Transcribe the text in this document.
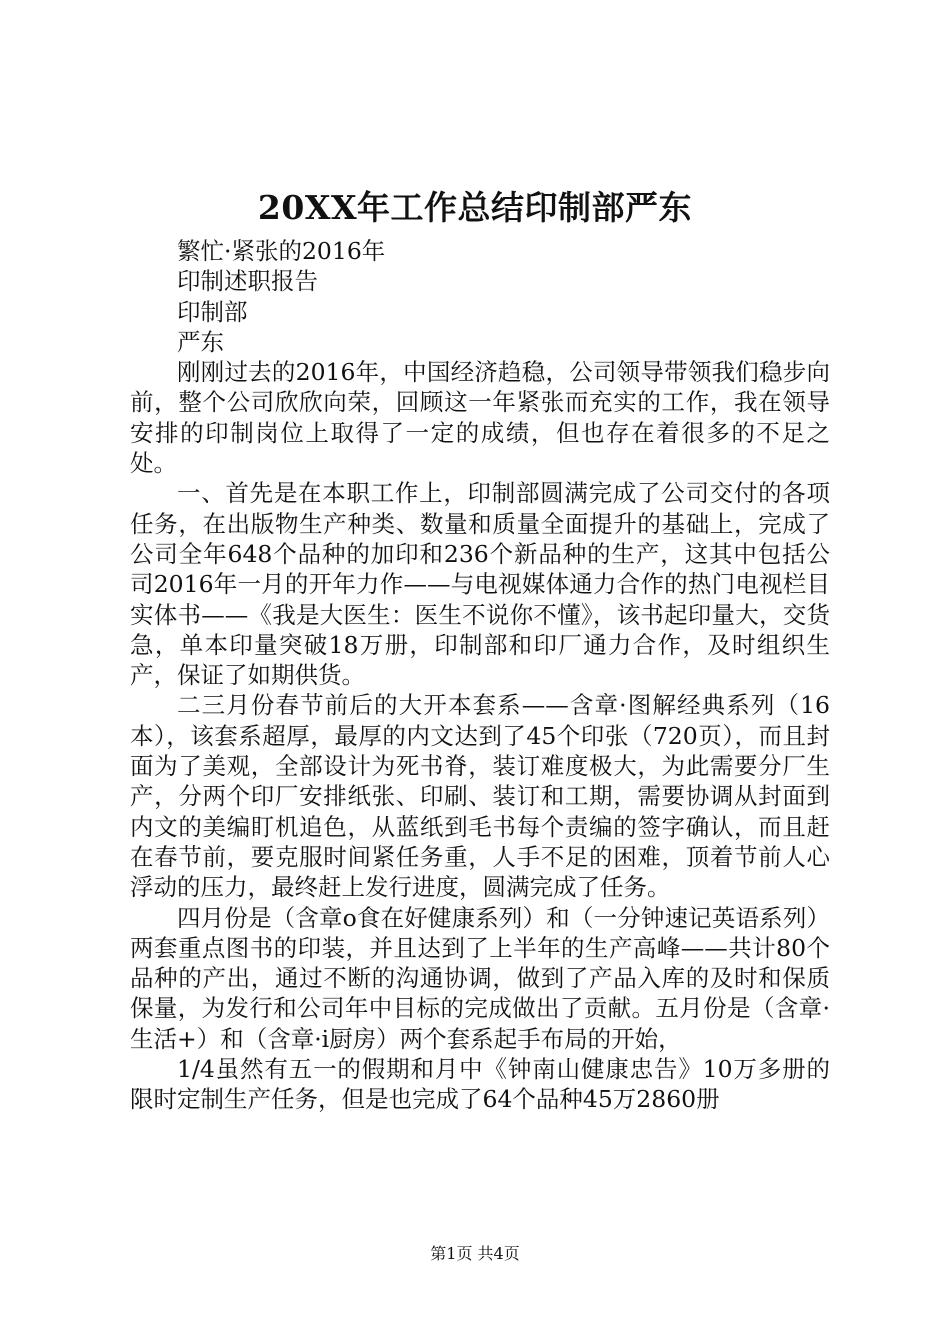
20XX年工作总结印制部严东

繁忙·紧张的2016年

印制述职报告

印制部

严东

刚刚过去的2016年，中国经济趋稳，公司领导带领我们稳步向前，整个公司欣欣向荣，回顾这一年紧张而充实的工作，我在领导安排的印制岗位上取得了一定的成绩，但也存在着很多的不足之处。

一、首先是在本职工作上，印制部圆满完成了公司交付的各项任务，在出版物生产种类、数量和质量全面提升的基础上，完成了公司全年648个品种的加印和236个新品种的生产，这其中包括公司2016年一月的开年力作——与电视媒体通力合作的热门电视栏目实体书——《我是大医生：医生不说你不懂》，该书起印量大，交货急，单本印量突破18万册，印制部和印厂通力合作，及时组织生产，保证了如期供货。

二三月份春节前后的大开本套系——含章·图解经典系列（16本），该套系超厚，最厚的内文达到了45个印张（720页），而且封面为了美观，全部设计为死书脊，装订难度极大，为此需要分厂生产，分两个印厂安排纸张、印刷、装订和工期，需要协调从封面到内文的美编盯机追色，从蓝纸到毛书每个责编的签字确认，而且赶在春节前，要克服时间紧任务重，人手不足的困难，顶着节前人心浮动的压力，最终赶上发行进度，圆满完成了任务。

四月份是（含章ο食在好健康系列）和（一分钟速记英语系列）两套重点图书的印装，并且达到了上半年的生产高峰——共计80个品种的产出，通过不断的沟通协调，做到了产品入库的及时和保质保量，为发行和公司年中目标的完成做出了贡献。五月份是（含章·生活+）和（含章·i厨房）两个套系起手布局的开始，

1/4虽然有五一的假期和月中《钟南山健康忠告》10万多册的限时定制生产任务，但是也完成了64个品种45万2860册

第1页 共4页
